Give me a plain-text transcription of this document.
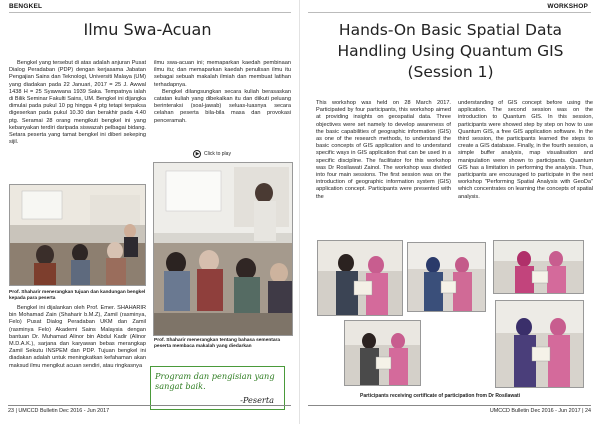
BENGKEL
Ilmu Swa-Acuan

Bengkel yang tersebut di atas adalah anjuran Pusat Dialog Peradaban (PDP) dengan kerjasama Jabatan Pengajian Sains dan Teknologi, Universiti Malaya (UM) yang diadakan pada 22 Januari, 2017 = 25 J. Awwal 1438 H = 25 Syawwana 1939 Saka. Tempatnya ialah di Bilik Seminar Fakulti Sains, UM. Bengkel ini dijangka dimulai pada pukul 10 pg hingga 4 ptg tetapi terpaksa digeserkan pada pukul 10.30 dan berakhir pada 4.40 ptg. Seramai 28 orang mengikuti bengkel ini yang kebanyakan terdiri daripada siswazah pelbagai bidang. Setara peserta yang tamat bengkel ini diberi sekeping sijil.

ilmu swa-acuan ini; memaparkan kaedah pembinaan ilmu itu; dan memaparkan kaedah penulisan ilmu itu sebagai sebuah makalah ilmiah dan membuat latihan terhadapnya.

Bengkel dilangsungkan secara kuliah berasaskan catatan kuliah yang dibekalkan itu dan diikuti peluang berinteraksi (soal-jawab) seluas-luasnya secara celahan peserta bila-bila masa dan provokasi penceramah.

▶ Click to play
Prof. Shaharir menerangkan tujuan dan kandungan bengkel kepada para peserta
Prof. Shaharir menerangkan tentang bahasa sementara peserta membaca makalah yang diedarkan

Bengkel ini dijalankan oleh Prof. Emer. SHAHARIR bin Mohamad Zain (Shaharir b.M.Z), Zamil (rasminya, Felo) Pusat Dialog Peradaban UKM dan Zamil (rasminya Felo) Akademi Sains Malaysia dengan bantuan Dr. Muhamad Alinor bin Abdul Kadir (Alinor M.D.A.K.), sarjana dan karyawan bebas merangkap Zamil Sekutu INSPEM dan PDP. Tujuan bengkel ini diadakan adalah untuk meningkatkan kefahaman akan maksud ilmu mengikut acuan sendiri, atau ringkasnya

Program dan pengisian yang sangat baik.
-Peserta
23 | UMCCD Bulletin Dec 2016 - Jun 2017
WORKSHOP
Hands-On Basic Spatial Data Handling Using Quantum GIS (Session 1)

This workshop was held on 28 March 2017. Participated by four participants, this workshop aimed at providing insights on geospatial data. Three objectives were set namely to develop awareness of the basic capabilities of geographic information (GIS) as one of the research methods, to understand the basic concepts of GIS application and to understand specific ways in GIS application that can be used in a specific discipline. The facilitator for this workshop was Dr Rosilawati Zainol. The workshop was divided into four main sessions. The first session was on the introduction of geographic information system (GIS) application concept. Participants were presented with the

understanding of GIS concept before using the application. The second session was on the introduction to Quantum GIS. In this session, participants were showed step by step on how to use Quantum GIS, a free GIS application software. In the third session, the participants learned the steps to create a GIS database. Finally, in the fourth session, a simple buffer analysis, map visualisation and manipulation were shown to participants. Quantum GIS has a limitation in performing the analysis. Thus, participants are encouraged to participate in the next workshop "Performing Spatial Analysis with GeoDa" which concentrates on learning the concepts of spatial analysis.

Participants receiving certificate of participation from Dr Rosilawati
UMCCD Bulletin Dec 2016 - Jun 2017 | 24
